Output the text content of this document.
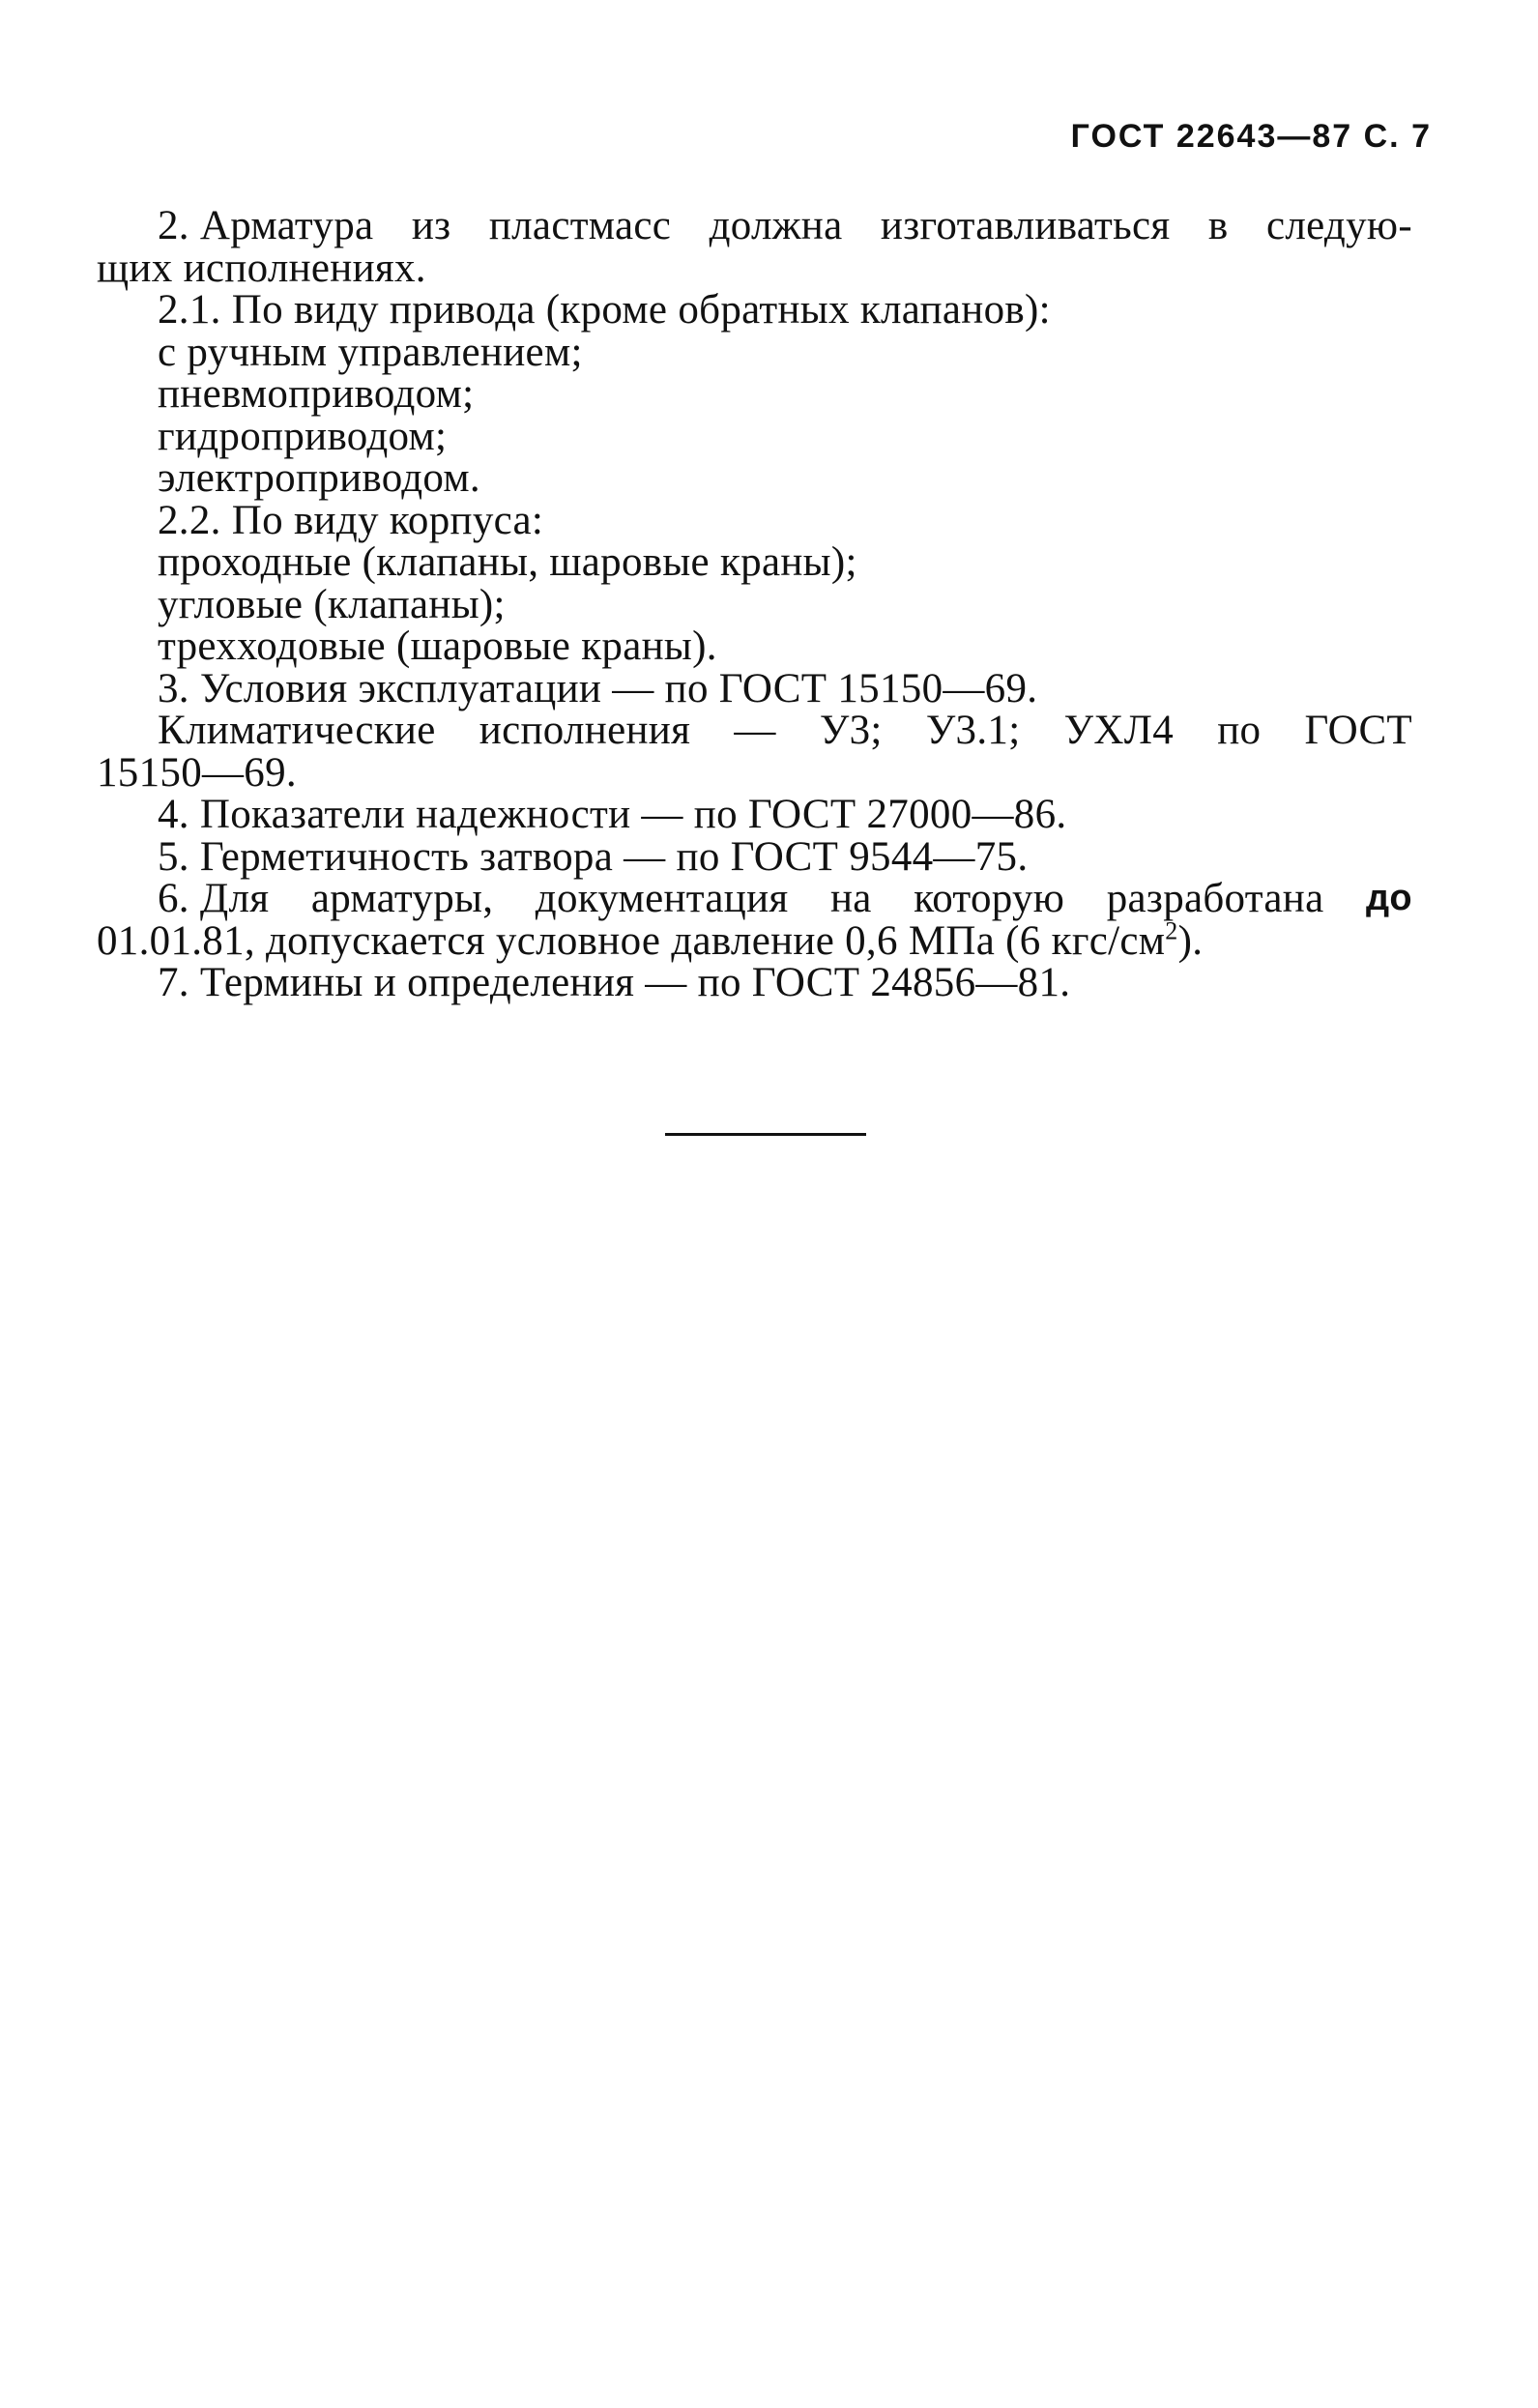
ГОСТ 22643—87 С. 7
2. Арматура из пластмасс должна изготавливаться в следую-
щих исполнениях.
2.1. По виду привода (кроме обратных клапанов):
с ручным управлением;
пневмоприводом;
гидроприводом;
электроприводом.
2.2. По виду корпуса:
проходные (клапаны, шаровые краны);
угловые (клапаны);
трехходовые (шаровые краны).
3. Условия эксплуатации — по ГОСТ 15150—69.
Климатические исполнения — У3; У3.1; УХЛ4 по ГОСТ
15150—69.
4. Показатели надежности — по ГОСТ 27000—86.
5. Герметичность затвора — по ГОСТ 9544—75.
6. Для арматуры, документация на которую разработана до
01.01.81, допускается условное давление 0,6 МПа (6 кгс/$см^2$).
7. Термины и определения — по ГОСТ 24856—81.
